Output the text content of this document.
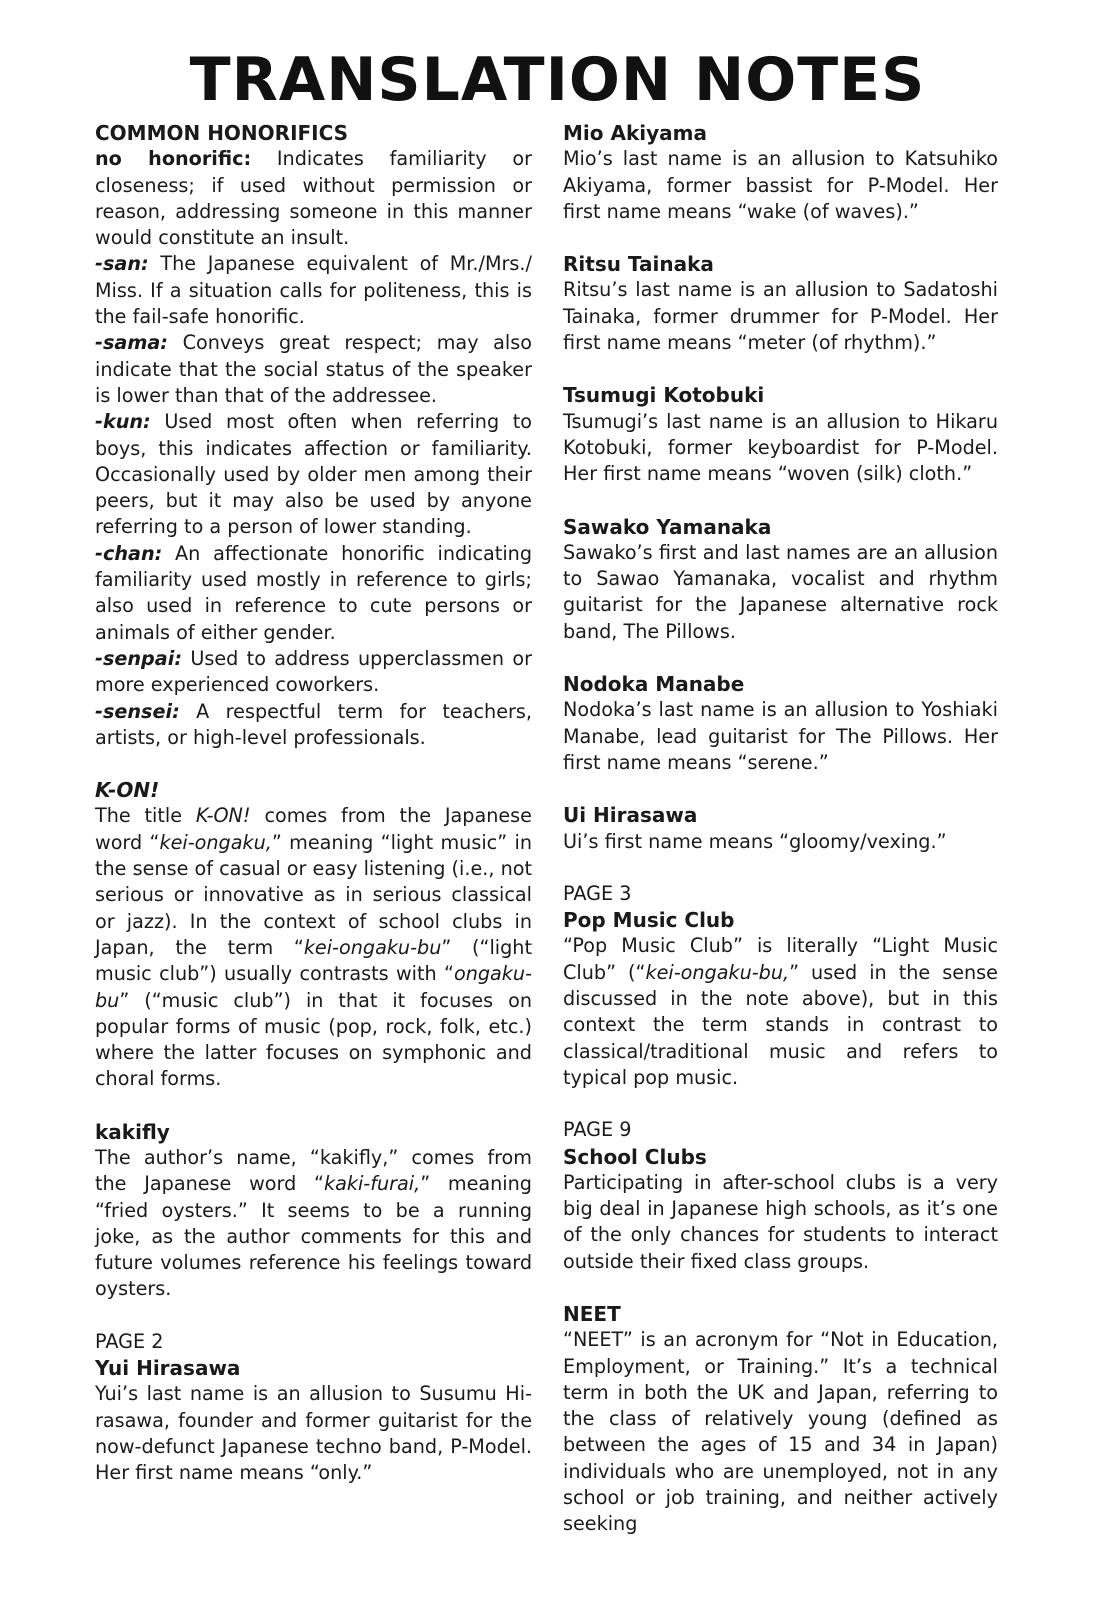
TRANSLATION NOTES
COMMON HONORIFICS

no honorific: Indicates familiarity or closeness; if used without permission or reason, addressing someone in this manner would constitute an insult.

-san: The Japanese equivalent of Mr./Mrs./ Miss. If a situation calls for politeness, this is the fail-safe honorific.

-sama: Conveys great respect; may also indicate that the social status of the speaker is lower than that of the addressee.

-kun: Used most often when referring to boys, this indicates affection or familiarity. Occasionally used by older men among their peers, but it may also be used by anyone referring to a person of lower standing.

-chan: An affectionate honorific indicating familiarity used mostly in reference to girls; also used in reference to cute persons or animals of either gender.

-senpai: Used to address upperclassmen or more experienced coworkers.

-sensei: A respectful term for teachers, artists, or high-level professionals.

K-ON!

The title K-ON! comes from the Japanese word “kei-ongaku,” meaning “light music” in the sense of casual or easy listening (i.e., not serious or innovative as in serious classical or jazz). In the context of school clubs in Japan, the term “kei-ongaku-bu” (“light music club”) usually contrasts with “ongaku-bu” (“music club”) in that it focuses on popular forms of music (pop, rock, folk, etc.) where the latter focuses on symphonic and choral forms.

kakifly

The author’s name, “kakifly,” comes from the Japanese word “kaki-furai,” meaning “fried oysters.” It seems to be a running joke, as the author comments for this and future volumes reference his feelings toward oysters.

PAGE 2
Yui Hirasawa

Yui’s last name is an allusion to Susumu Hirasawa, founder and former guitarist for the now-defunct Japanese techno band, P-Model. Her first name means “only.”

Mio Akiyama

Mio’s last name is an allusion to Katsuhiko Akiyama, former bassist for P-Model. Her first name means “wake (of waves).”

Ritsu Tainaka

Ritsu’s last name is an allusion to Sadatoshi Tainaka, former drummer for P-Model. Her first name means “meter (of rhythm).”

Tsumugi Kotobuki

Tsumugi’s last name is an allusion to Hikaru Kotobuki, former keyboardist for P-Model. Her first name means “woven (silk) cloth.”

Sawako Yamanaka

Sawako’s first and last names are an allusion to Sawao Yamanaka, vocalist and rhythm guitarist for the Japanese alternative rock band, The Pillows.

Nodoka Manabe

Nodoka’s last name is an allusion to Yoshiaki Manabe, lead guitarist for The Pillows. Her first name means “serene.”

Ui Hirasawa

Ui’s first name means “gloomy/vexing.”

PAGE 3
Pop Music Club

“Pop Music Club” is literally “Light Music Club” (“kei-ongaku-bu,” used in the sense discussed in the note above), but in this context the term stands in contrast to classical/traditional music and refers to typical pop music.

PAGE 9
School Clubs

Participating in after-school clubs is a very big deal in Japanese high schools, as it’s one of the only chances for students to interact outside their fixed class groups.

NEET

“NEET” is an acronym for “Not in Education, Employment, or Training.” It’s a technical term in both the UK and Japan, referring to the class of relatively young (defined as between the ages of 15 and 34 in Japan) individuals who are unemployed, not in any school or job training, and neither actively seeking
